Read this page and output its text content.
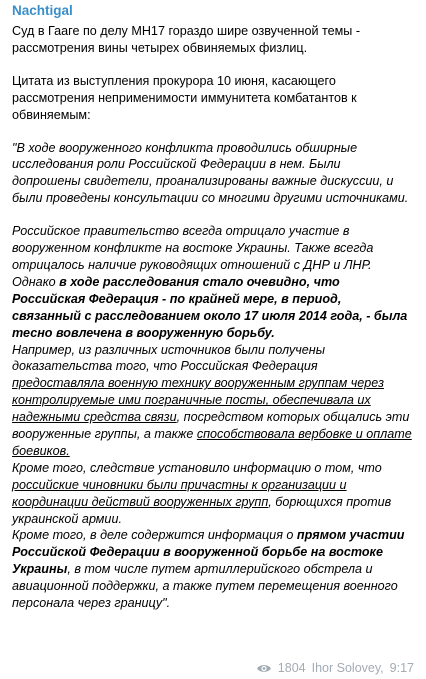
Nachtigal

Суд в Гааге по делу МН17 гораздо шире озвученной темы - рассмотрения вины четырех обвиняемых физлиц.

Цитата из выступления прокурора 10 июня, касающего рассмотрения неприменимости иммунитета комбатантов к обвиняемым:

"В ходе вооруженного конфликта проводились обширные исследования роли Российской Федерации в нем. Были допрошены свидетели, проанализированы важные дискуссии, и были проведены консультации со многими другими источниками.

Российское правительство всегда отрицало участие в вооруженном конфликте на востоке Украины. Также всегда отрицалось наличие руководящих отношений с ДНР и ЛНР. Однако в ходе расследования стало очевидно, что Российская Федерация - по крайней мере, в период, связанный с расследованием около 17 июля 2014 года, - была тесно вовлечена в вооруженную борьбу.

Например, из различных источников были получены доказательства того, что Российская Федерация предоставляла военную технику вооруженным группам через контролируемые ими пограничные посты, обеспечивала их надежными средства связи, посредством которых общались эти вооруженные группы, а также способствовала вербовке и оплате боевиков.

Кроме того, следствие установило информацию о том, что российские чиновники были причастны к организации и координации действий вооруженных групп, борющихся против украинской армии.

Кроме того, в деле содержится информация о прямом участии Российской Федерации в вооруженной борьбе на востоке Украины, в том числе путем артиллерийского обстрела и авиационной поддержки, а также путем перемещения военного персонала через границу".

1804 Ihor Solovey, 9:17
